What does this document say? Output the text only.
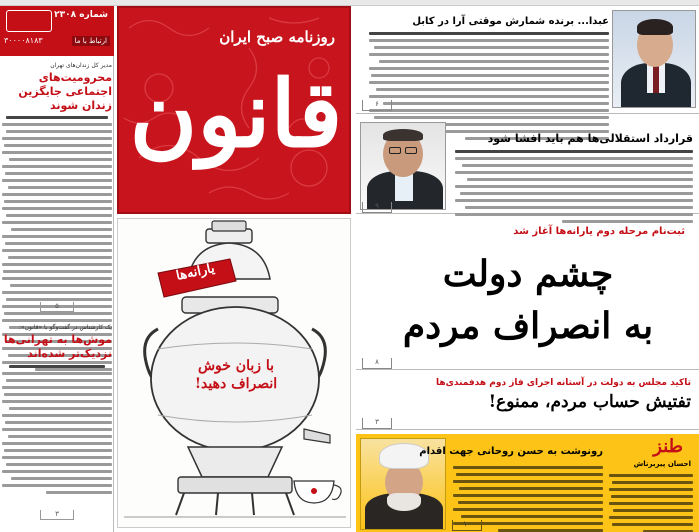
شماره ۲۳۰۸
ارتباط با ما
۳۰۰۰۰۸۱۸۳
مدیر کل زندان‌ها‌ی تهران
محرومیت‌های اجتماعی جایگزین زندان شوند
۵
یک کارشناس در گفت‌وگو با «قانون»:
موش‌ها به تهرانی‌ها نزدیک‌تر شده‌اند
۳
روزنامه صبح ایران
قانون
یارانه‌ها
با زبان خوش انصراف دهید!
عبدا... برنده شمارش موقتی آرا در کابل
۶
قرارداد استقلالی‌ها هم باید افشا شود
۹
ثبت‌نام مرحله دوم یارانه‌ها آغاز شد
چشم دولت
به انصراف مردم
۸
تاکید مجلس به دولت در آستانه اجرای فاز دوم هدفمندی‌ها
تفتیش حساب مردم، ممنوع!
۳
رونوشت به حسن روحانی جهت اقدام	طنز
احسان پیربرناش
۱۰
